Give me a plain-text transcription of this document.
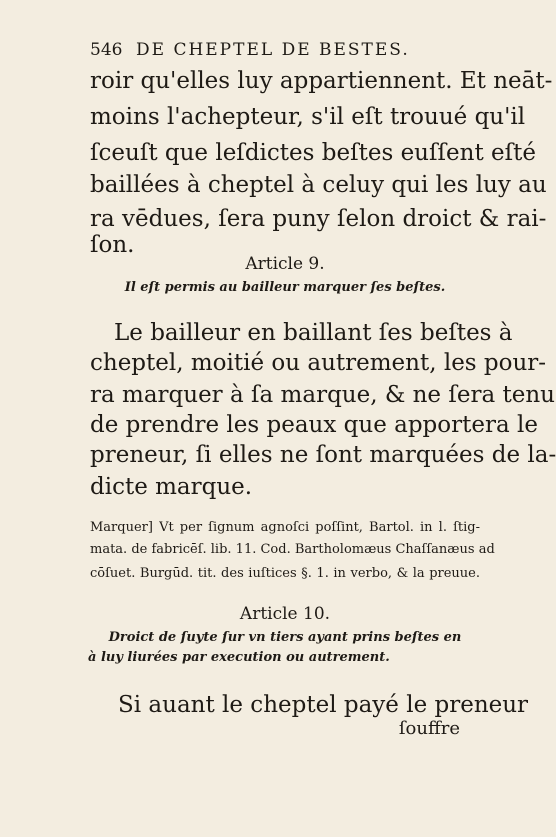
546 DE CHEPTEL DE BESTES.
roir qu'elles luy appartiennent. Et neāt-
moins l'achepteur, s'il eſt trouué qu'il
ſceuſt que leſdictes beſtes euſſent eſté
baillées à cheptel à celuy qui les luy au
ra vēdues, ſera puny ſelon droict & rai-
ſon.
Article 9.
Il eſt permis au bailleur marquer ſes beſtes.
Le bailleur en baillant ſes beſtes à
cheptel, moitié ou autrement, les pour-
ra marquer à ſa marque, & ne ſera tenu
de prendre les peaux que apportera le
preneur, ſi elles ne ſont marquées de la-
dicte marque.
Marquer] Vt per ſignum agnoſci poſſint, Bartol. in l. ſtig-
mata. de fabricēſ. lib. 11. Cod. Bartholomæus Chaſſanæus ad
cōſuet. Burgūd. tit. des iuſtices §. 1. in verbo, & la preuue.
Article 10.
Droict de ſuyte ſur vn tiers ayant prins beſtes en
à luy liurées par execution ou autrement.
Si auant le cheptel payé le preneur
ſouffre
